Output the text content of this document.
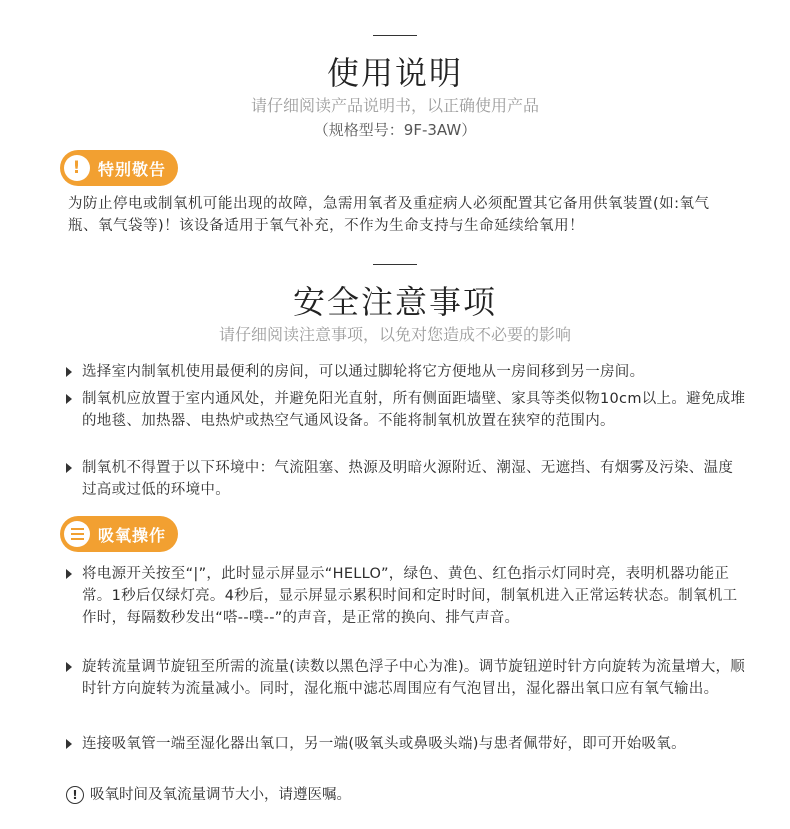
使用说明
请仔细阅读产品说明书，以正确使用产品
（规格型号：9F-3AW）
! 特别敬告
为防止停电或制氧机可能出现的故障，急需用氧者及重症病人必须配置其它备用供氧装置(如:氧气瓶、氧气袋等)！该设备适用于氧气补充，不作为生命支持与生命延续给氧用！
安全注意事项
请仔细阅读注意事项，以免对您造成不必要的影响
选择室内制氧机使用最便利的房间，可以通过脚轮将它方便地从一房间移到另一房间。
制氧机应放置于室内通风处，并避免阳光直射，所有侧面距墙壁、家具等类似物10cm以上。避免成堆的地毯、加热器、电热炉或热空气通风设备。不能将制氧机放置在狭窄的范围内。
制氧机不得置于以下环境中：气流阻塞、热源及明暗火源附近、潮湿、无遮挡、有烟雾及污染、温度过高或过低的环境中。
吸氧操作
将电源开关按至“|”，此时显示屏显示“HELLO”，绿色、黄色、红色指示灯同时亮，表明机器功能正常。1秒后仅绿灯亮。4秒后，显示屏显示累积时间和定时时间，制氧机进入正常运转状态。制氧机工作时，每隔数秒发出“嗒--噗--”的声音，是正常的换向、排气声音。
旋转流量调节旋钮至所需的流量(读数以黑色浮子中心为准)。调节旋钮逆时针方向旋转为流量增大，顺时针方向旋转为流量减小。同时，湿化瓶中滤芯周围应有气泡冒出，湿化器出氧口应有氧气输出。
连接吸氧管一端至湿化器出氧口，另一端(吸氧头或鼻吸头端)与患者佩带好，即可开始吸氧。
! 吸氧时间及氧流量调节大小，请遵医嘱。
